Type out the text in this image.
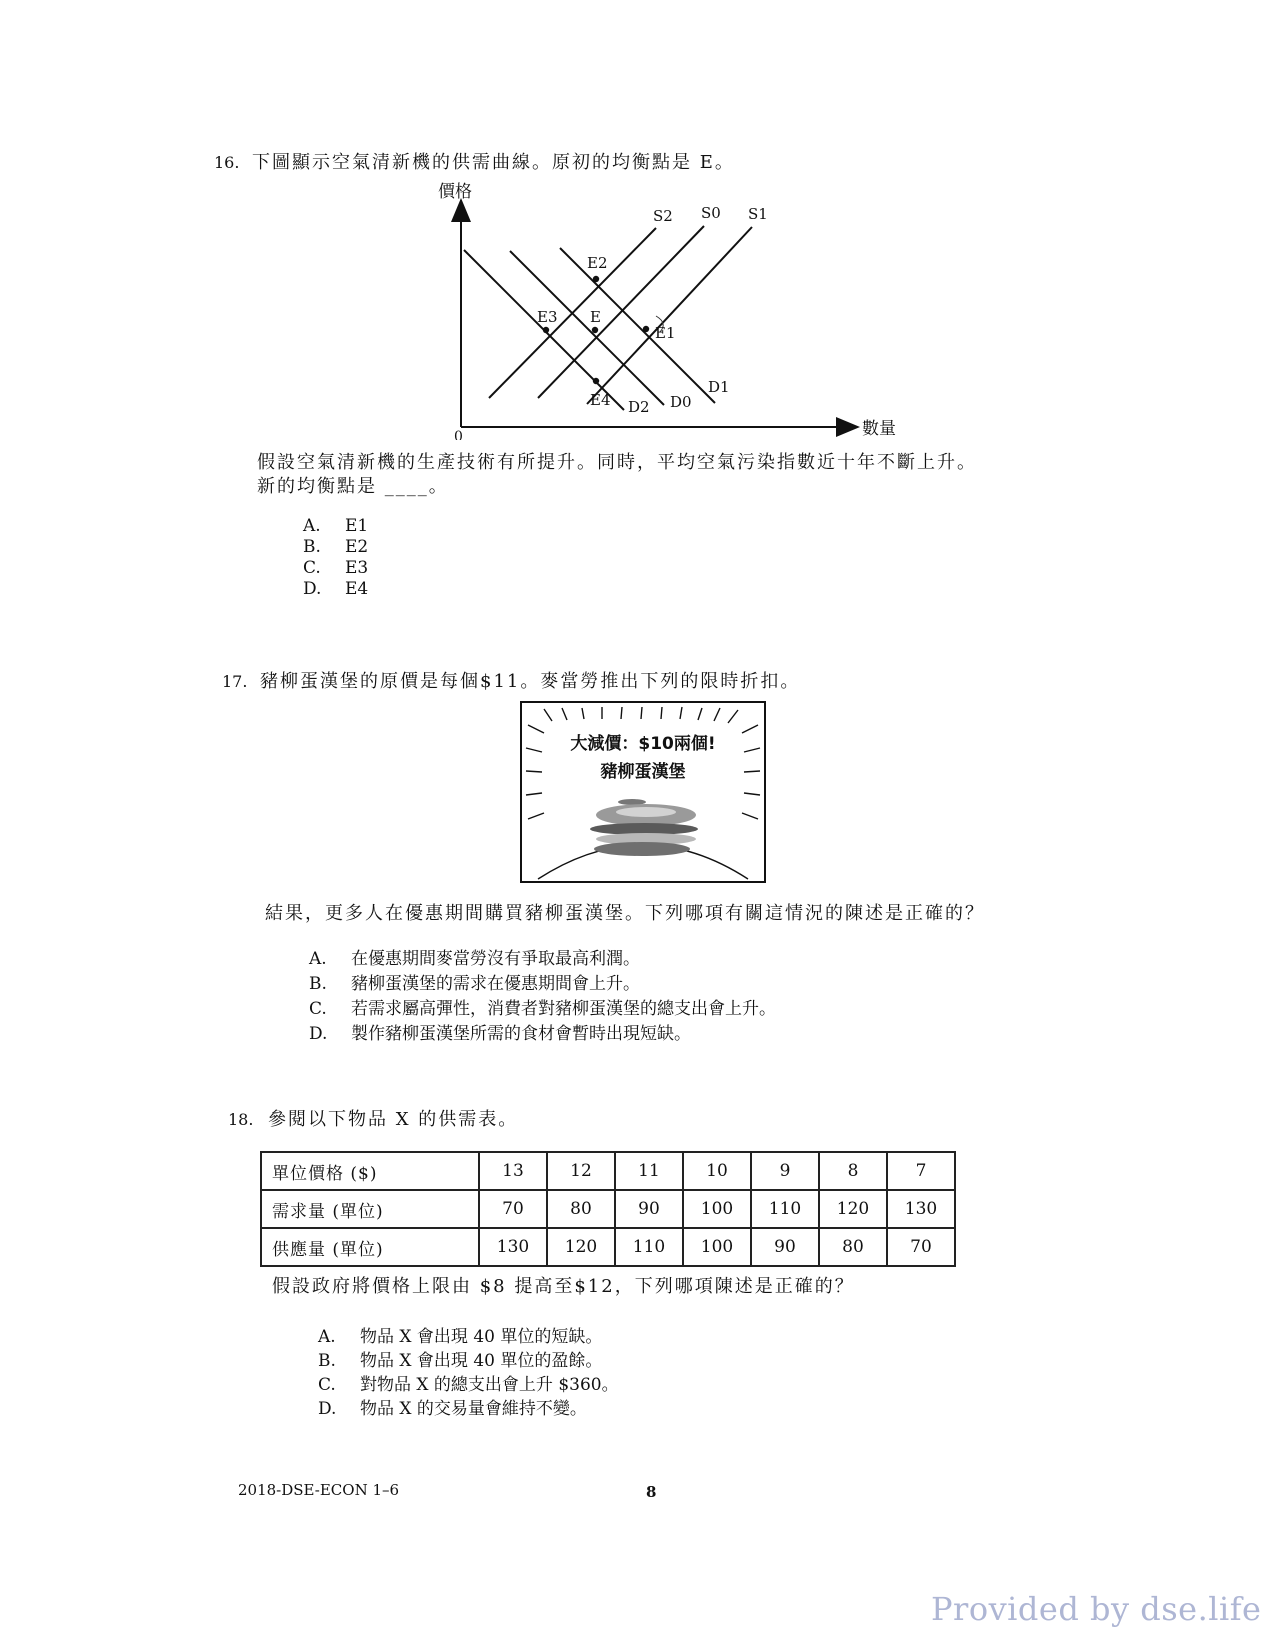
16. 下圖顯示空氣清新機的供需曲線。原初的均衡點是 E。
價格
數量
0
S2 S0 S1
D2 D0
D1
E2
E3 E
E1
E4
假設空氣清新機的生產技術有所提升。同時，平均空氣污染指數近十年不斷上升。
新的均衡點是 ____。
A. E1
B. E2
C. E3
D. E4
17. 豬柳蛋漢堡的原價是每個$11。麥當勞推出下列的限時折扣。
大減價：$10兩個!
豬柳蛋漢堡
結果，更多人在優惠期間購買豬柳蛋漢堡。下列哪項有關這情況的陳述是正確的？
A. 在優惠期間麥當勞沒有爭取最高利潤。
B. 豬柳蛋漢堡的需求在優惠期間會上升。
C. 若需求屬高彈性，消費者對豬柳蛋漢堡的總支出會上升。
D. 製作豬柳蛋漢堡所需的食材會暫時出現短缺。
18. 參閱以下物品 X 的供需表。
單位價格 ($)	13	12	11	10	9	8	7
需求量 (單位)	70	80	90	100	110	120	130
供應量 (單位)	130	120	110	100	90	80	70
假設政府將價格上限由 $8 提高至$12，下列哪項陳述是正確的？
A. 物品 X 會出現 40 單位的短缺。
B. 物品 X 會出現 40 單位的盈餘。
C. 對物品 X 的總支出會上升 $360。
D. 物品 X 的交易量會維持不變。
2018-DSE-ECON 1–6	8
Provided by dse.life
